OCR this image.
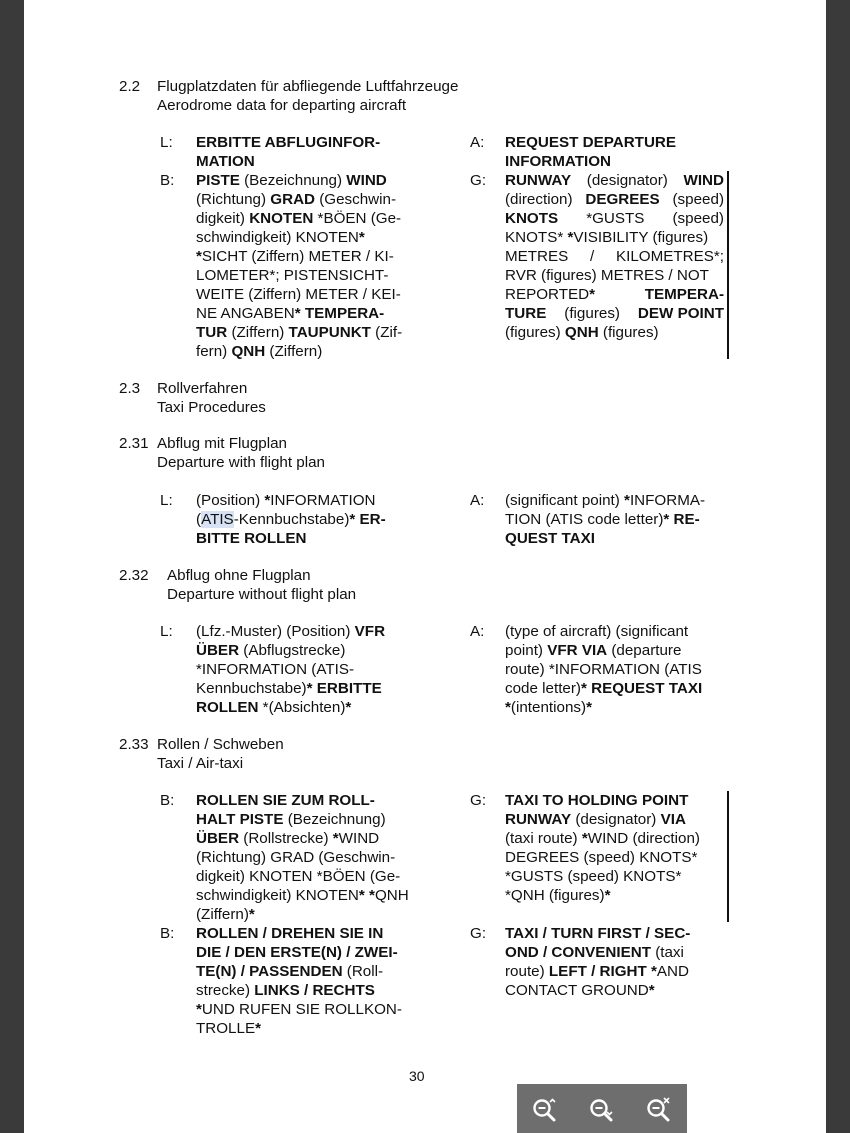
2.2 Flugplatzdaten für abfliegende Luftfahrzeuge
Aerodrome data for departing aircraft
L: ERBITTE ABFLUGINFOR-
MATION
A: REQUEST DEPARTURE
INFORMATION
B: PISTE (Bezeichnung) WIND
(Richtung) GRAD (Geschwin-
digkeit) KNOTEN *BÖEN (Ge-
schwindigkeit) KNOTEN*
*SICHT (Ziffern) METER / KI-
LOMETER*; PISTENSICHT-
WEITE (Ziffern) METER / KEI-
NE ANGABEN* TEMPERA-
TUR (Ziffern) TAUPUNKT (Zif-
fern) QNH (Ziffern)
G: RUNWAY (designator) WIND
(direction) DEGREES (speed)
KNOTS *GUSTS (speed)
KNOTS* *VISIBILITY (figures)
METRES / KILOMETRES*;
RVR (figures) METRES / NOT
REPORTED*	TEMPERA-
TURE (figures) DEW POINT
(figures) QNH (figures)
2.3 Rollverfahren
Taxi Procedures
2.31 Abflug mit Flugplan
Departure with flight plan
L: (Position) *INFORMATION
(ATIS-Kennbuchstabe)* ER-
BITTE ROLLEN
A: (significant point) *INFORMA-
TION (ATIS code letter)* RE-
QUEST TAXI
2.32 Abflug ohne Flugplan
Departure without flight plan
L: (Lfz.-Muster) (Position) VFR
ÜBER (Abflugstrecke)
*INFORMATION (ATIS-
Kennbuchstabe)* ERBITTE
ROLLEN *(Absichten)*
A: (type of aircraft) (significant
point) VFR VIA (departure
route) *INFORMATION (ATIS
code letter)* REQUEST TAXI
*(intentions)*
2.33 Rollen / Schweben
Taxi / Air-taxi
B: ROLLEN SIE ZUM ROLL-
HALT PISTE (Bezeichnung)
ÜBER (Rollstrecke) *WIND
(Richtung) GRAD (Geschwin-
digkeit) KNOTEN *BÖEN (Ge-
schwindigkeit) KNOTEN* *QNH
(Ziffern)*
G: TAXI TO HOLDING POINT
RUNWAY (designator) VIA
(taxi route) *WIND (direction)
DEGREES (speed) KNOTS*
*GUSTS (speed) KNOTS*
*QNH (figures)*
B: ROLLEN / DREHEN SIE IN
DIE / DEN ERSTE(N) / ZWEI-
TE(N) / PASSENDEN (Roll-
strecke) LINKS / RECHTS
*UND RUFEN SIE ROLLKON-
TROLLE*
G: TAXI / TURN FIRST / SEC-
OND / CONVENIENT (taxi
route) LEFT / RIGHT *AND
CONTACT GROUND*
30
